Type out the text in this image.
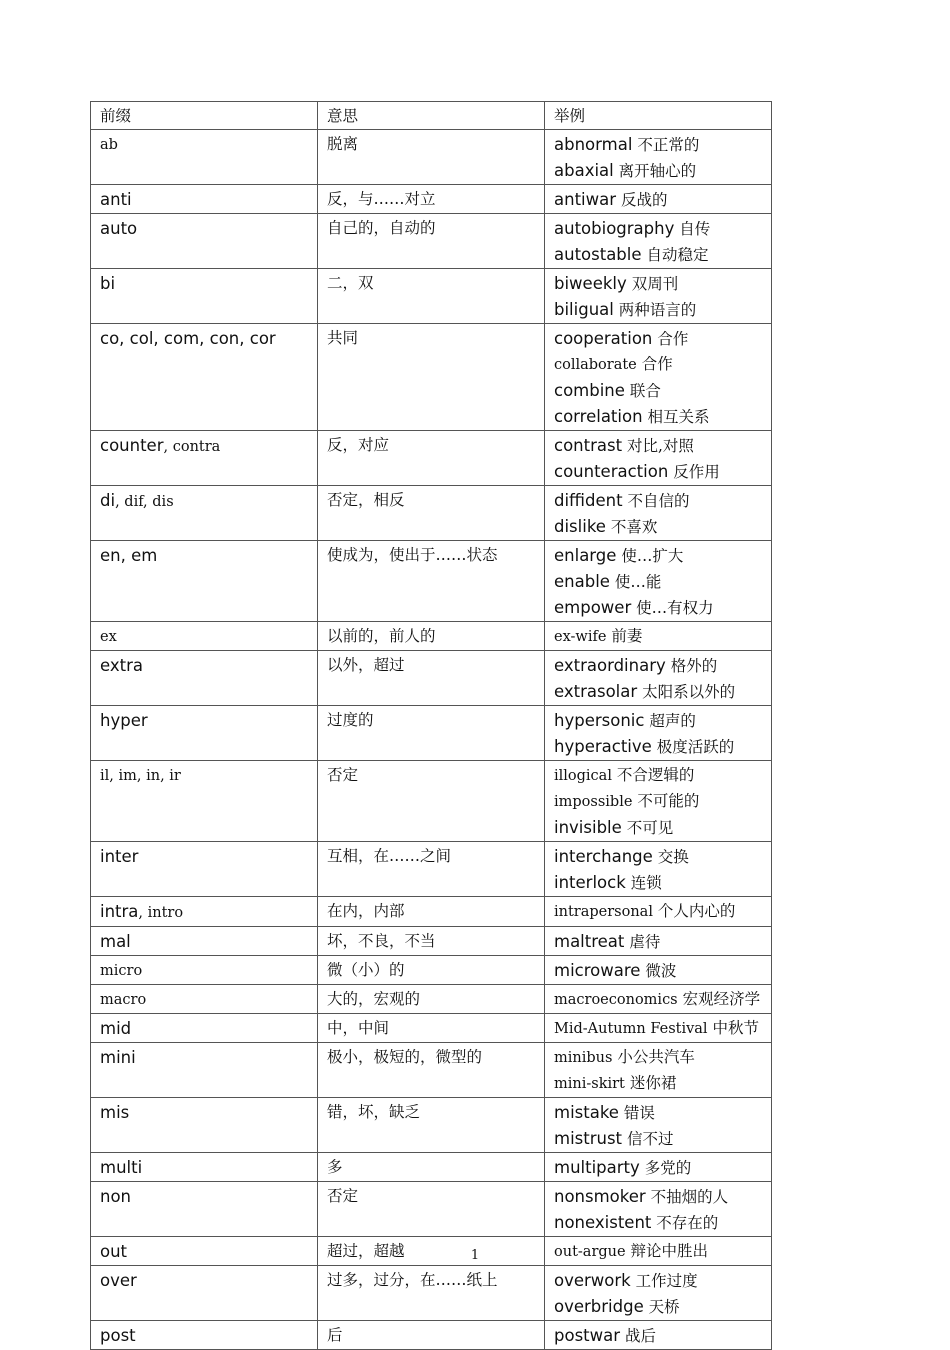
前缀	意思	举例
ab	脱离	abnormal 不正常的
abaxial 离开轴心的

anti	反，与……对立	antiwar 反战的

auto	自己的，自动的	autobiography 自传
autostable 自动稳定

bi	二，双	biweekly 双周刊
biligual 两种语言的

co, col, com, con, cor	共同	cooperation 合作
collaborate 合作
combine 联合
correlation 相互关系

counter, contra	反，对应	contrast 对比,对照
counteraction 反作用

di, dif, dis	否定，相反	diffident 不自信的
dislike 不喜欢

en, em	使成为，使出于……状态	enlarge 使…扩大
enable 使…能
empower 使…有权力

ex	以前的，前人的	ex-wife 前妻

extra	以外，超过	extraordinary 格外的
extrasolar 太阳系以外的

hyper	过度的	hypersonic 超声的
hyperactive 极度活跃的

il, im, in, ir	否定	illogical 不合逻辑的
impossible 不可能的
invisible 不可见

inter	互相，在……之间	interchange 交换
interlock 连锁

intra, intro	在内，内部	intrapersonal 个人内心的

mal	坏，不良，不当	maltreat 虐待

micro	微（小）的	microware 微波

macro	大的，宏观的	macroeconomics 宏观经济学

mid	中，中间	Mid-Autumn Festival 中秋节

mini	极小，极短的，微型的	minibus 小公共汽车
mini-skirt 迷你裙

mis	错，坏，缺乏	mistake 错误
mistrust 信不过

multi	多	multiparty 多党的

non	否定	nonsmoker 不抽烟的人
nonexistent 不存在的

out	超过，超越	out-argue 辩论中胜出

over	过多，过分，在……纸上	overwork 工作过度
overbridge 天桥

post	后	postwar 战后
1
